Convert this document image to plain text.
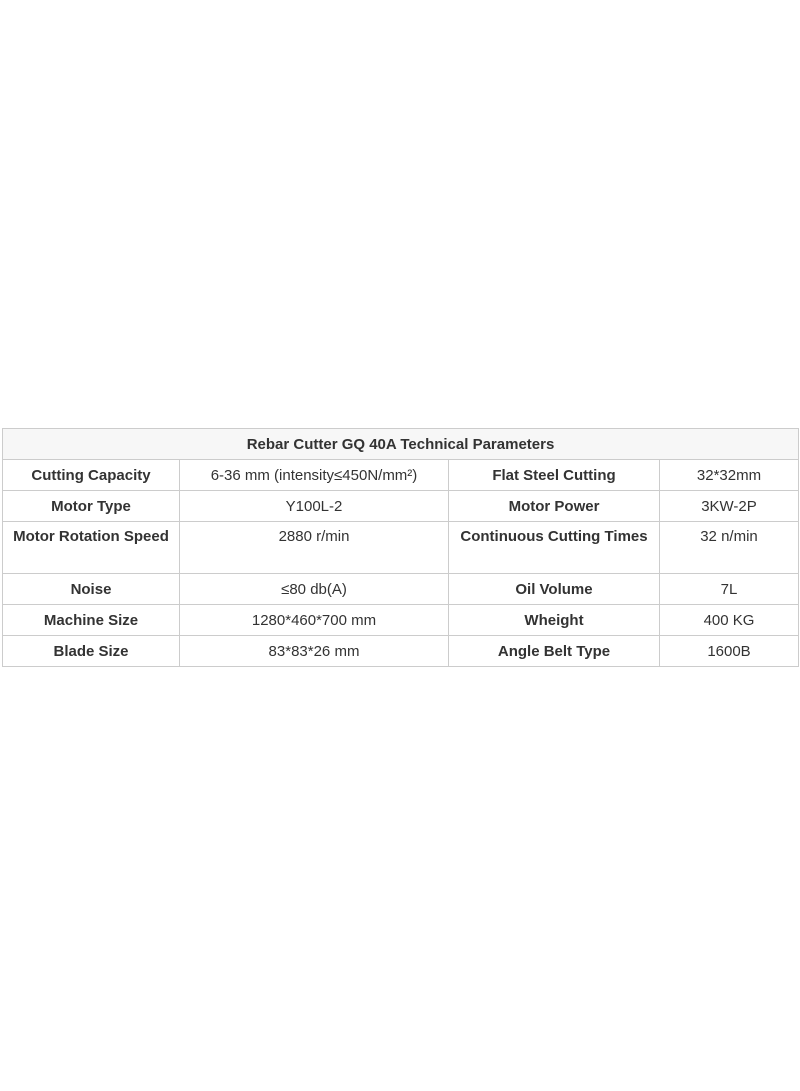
Rebar Cutter GQ 40A Technical Parameters			
Cutting Capacity	6-36 mm (intensity≤450N/mm²)	Flat Steel Cutting	32*32mm
Motor Type	Y100L-2	Motor Power	3KW-2P
Motor Rotation Speed	2880 r/min	Continuous Cutting Times	32 n/min
Noise	≤80 db(A)	Oil Volume	7L
Machine Size	1280*460*700 mm	Wheight	400 KG
Blade Size	83*83*26 mm	Angle Belt Type	1600B
